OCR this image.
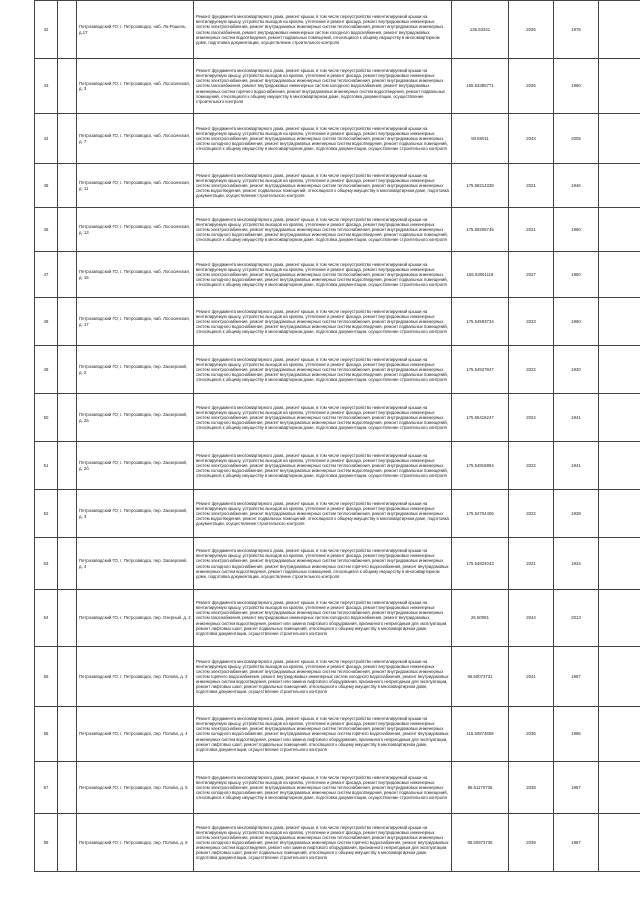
42		Петрозаводский ГО, г. Петрозаводск, наб. Ла-Рошель, д.17	Ремонт фундамента многоквартирного дома, ремонт крыши, в том числе переустройство невентилируемой крыши на вентилируемую крышу, устройство выходов на кровлю, утепление и ремонт фасада, ремонт внутридомовых инженерных систем электроснабжения, ремонт внутридомовых инженерных систем теплоснабжения, ремонт внутридомовых инженерных систем газоснабжения, ремонт внутридомовых инженерных систем холодного водоснабжения, ремонт внутридомовых инженерных систем водоотведения, ремонт подвальных помещений, относящихся к общему имуществу в многоквартирном доме, подготовка документации, осуществление строительного контроля	135.53341	2026	1975	
43		Петрозаводский ГО, г. Петрозаводск, наб. Лососинская, д. 3	Ремонт фундамента многоквартирного дома, ремонт крыши, в том числе переустройство невентилируемой крыши на вентилируемую крышу, устройство выходов на кровлю, утепление и ремонт фасада, ремонт внутридомовых инженерных систем электроснабжения, ремонт внутридомовых инженерных систем теплоснабжения, ремонт внутридомовых инженерных систем газоснабжения, ремонт внутридомовых инженерных систем холодного водоснабжения, ремонт внутридомовых инженерных систем горячего водоснабжения, ремонт внутридомовых инженерных систем водоотведения, ремонт подвальных помещений, относящихся к общему имуществу в многоквартирном доме, подготовка документации, осуществление строительного контроля	155.53395771	2026	1960	
44		Петрозаводский ГО, г. Петрозаводск, наб. Лососинская, д. 7	Ремонт фундамента многоквартирного дома, ремонт крыши, в том числе переустройство невентилируемой крыши на вентилируемую крышу, устройство выходов на кровлю, утепление и ремонт фасада, ремонт внутридомовых инженерных систем электроснабжения, ремонт внутридомовых инженерных систем теплоснабжения, ремонт внутридомовых инженерных систем холодного водоснабжения, ремонт внутридомовых инженерных систем водоотведения, ремонт подвальных помещений, относящихся к общему имуществу в многоквартирном доме, подготовка документации, осуществление строительного контроля	50.59011	2043	2005	
45		Петрозаводский ГО, г. Петрозаводск, наб. Лососинская, д. 11	Ремонт фундамента многоквартирного дома, ремонт крыши, в том числе переустройство невентилируемой крыши на вентилируемую крышу, устройство выходов на кровлю, утепление и ремонт фасада, ремонт внутридомовых инженерных систем электроснабжения, ремонт внутридомовых инженерных систем теплоснабжения, ремонт внутридомовых инженерных систем водоотведения, ремонт подвальных помещений, относящихся к общему имуществу в многоквартирном доме, подготовка документации, осуществление строительного контроля	175.58214338	2021	1946	
46		Петрозаводский ГО, г. Петрозаводск, наб. Лососинская, д. 13	Ремонт фундамента многоквартирного дома, ремонт крыши, в том числе переустройство невентилируемой крыши на вентилируемую крышу, устройство выходов на кровлю, утепление и ремонт фасада, ремонт внутридомовых инженерных систем электроснабжения, ремонт внутридомовых инженерных систем теплоснабжения, ремонт внутридомовых инженерных систем холодного водоснабжения, ремонт внутридомовых инженерных систем водоотведения, ремонт подвальных помещений, относящихся к общему имуществу в многоквартирном доме, подготовка документации, осуществление строительного контроля	175.59206745	2021	1960	
47		Петрозаводский ГО, г. Петрозаводск, наб. Лососинская, д. 15	Ремонт фундамента многоквартирного дома, ремонт крыши, в том числе переустройство невентилируемой крыши на вентилируемую крышу, устройство выходов на кровлю, утепление и ремонт фасада, ремонт внутридомовых инженерных систем электроснабжения, ремонт внутридомовых инженерных систем теплоснабжения, ремонт внутридомовых инженерных систем холодного водоснабжения, ремонт внутридомовых инженерных систем водоотведения, ремонт подвальных помещений, относящихся к общему имуществу в многоквартирном доме, подготовка документации, осуществление строительного контроля	155.53061119	2027	1960	
48		Петрозаводский ГО, г. Петрозаводск, наб. Лососинская, д. 17	Ремонт фундамента многоквартирного дома, ремонт крыши, в том числе переустройство невентилируемой крыши на вентилируемую крышу, устройство выходов на кровлю, утепление и ремонт фасада, ремонт внутридомовых инженерных систем электроснабжения, ремонт внутридомовых инженерных систем теплоснабжения, ремонт внутридомовых инженерных систем холодного водоснабжения, ремонт внутридомовых инженерных систем водоотведения, ремонт подвальных помещений, относящихся к общему имуществу в многоквартирном доме, подготовка документации, осуществление строительного контроля	175.54593734	2023	1960	
49		Петрозаводский ГО, г. Петрозаводск, пер. Заозерский, д. 2	Ремонт фундамента многоквартирного дома, ремонт крыши, в том числе переустройство невентилируемой крыши на вентилируемую крышу, устройство выходов на кровлю, утепление и ремонт фасада, ремонт внутридомовых инженерных систем электроснабжения, ремонт внутридомовых инженерных систем теплоснабжения, ремонт внутридомовых инженерных систем холодного водоснабжения, ремонт внутридомовых инженерных систем водоотведения, ремонт подвальных помещений, относящихся к общему имуществу в многоквартирном доме, подготовка документации, осуществление строительного контроля	175.54527847	2022	1930	
50		Петрозаводский ГО, г. Петрозаводск, пер. Заозерский, д. 2а	Ремонт фундамента многоквартирного дома, ремонт крыши, в том числе переустройство невентилируемой крыши на вентилируемую крышу, устройство выходов на кровлю, утепление и ремонт фасада, ремонт внутридомовых инженерных систем электроснабжения, ремонт внутридомовых инженерных систем теплоснабжения, ремонт внутридомовых инженерных систем холодного водоснабжения, ремонт внутридомовых инженерных систем водоотведения, ремонт подвальных помещений, относящихся к общему имуществу в многоквартирном доме, подготовка документации, осуществление строительного контроля	175.55416247	2024	1941	
51		Петрозаводский ГО, г. Петрозаводск, пер. Заозерский, д. 2б	Ремонт фундамента многоквартирного дома, ремонт крыши, в том числе переустройство невентилируемой крыши на вентилируемую крышу, устройство выходов на кровлю, утепление и ремонт фасада, ремонт внутридомовых инженерных систем электроснабжения, ремонт внутридомовых инженерных систем теплоснабжения, ремонт внутридомовых инженерных систем холодного водоснабжения, ремонт внутридомовых инженерных систем водоотведения, ремонт подвальных помещений, относящихся к общему имуществу в многоквартирном доме, подготовка документации, осуществление строительного контроля	175.54816894	2022	1941	
52		Петрозаводский ГО, г. Петрозаводск, пер. Заозерский, д. 3	Ремонт фундамента многоквартирного дома, ремонт крыши, в том числе переустройство невентилируемой крыши на вентилируемую крышу, устройство выходов на кровлю, утепление и ремонт фасада, ремонт внутридомовых инженерных систем электроснабжения, ремонт внутридомовых инженерных систем теплоснабжения, ремонт внутридомовых инженерных систем водоотведения, ремонт подвальных помещений, относящихся к общему имуществу в многоквартирном доме, подготовка документации, осуществление строительного контроля	175.54704406	2022	1939	
53		Петрозаводский ГО, г. Петрозаводск, пер. Заозерский, д. 4	Ремонт фундамента многоквартирного дома, ремонт крыши, в том числе переустройство невентилируемой крыши на вентилируемую крышу, устройство выходов на кровлю, утепление и ремонт фасада, ремонт внутридомовых инженерных систем электроснабжения, ремонт внутридомовых инженерных систем теплоснабжения, ремонт внутридомовых инженерных систем холодного водоснабжения, ремонт внутридомовых инженерных систем горячего водоснабжения, ремонт внутридомовых инженерных систем водоотведения, ремонт подвальных помещений, относящихся к общему имуществу в многоквартирном доме, подготовка документации, осуществление строительного контроля	175.54824043	2021	1934	
54		Петрозаводский ГО, г. Петрозаводск, пер. Озерный, д. 2	Ремонт фундамента многоквартирного дома, ремонт крыши, в том числе переустройство невентилируемой крыши на вентилируемую крышу, устройство выходов на кровлю, утепление и ремонт фасада, ремонт внутридомовых инженерных систем электроснабжения, ремонт внутридомовых инженерных систем теплоснабжения, ремонт внутридомовых инженерных систем газоснабжения, ремонт внутридомовых инженерных систем холодного водоснабжения, ремонт внутридомовых инженерных систем водоотведения, ремонт или замена лифтового оборудования, признанного непригодным для эксплуатации, ремонт лифтовых шахт, ремонт подвальных помещений, относящихся к общему имуществу в многоквартирном доме, подготовка документации, осуществление строительного контроля	26.50081	2044	2013	
55		Петрозаводский ГО, г. Петрозаводск, пер. Попова, д. 2	Ремонт фундамента многоквартирного дома, ремонт крыши, в том числе переустройство невентилируемой крыши на вентилируемую крышу, устройство выходов на кровлю, утепление и ремонт фасада, ремонт внутридомовых инженерных систем электроснабжения, ремонт внутридомовых инженерных систем теплоснабжения, ремонт внутридомовых инженерных систем горячего водоснабжения, ремонт внутридомовых инженерных систем холодного водоснабжения, ремонт внутридомовых инженерных систем водоотведения, ремонт или замена лифтового оборудования, признанного непригодным для эксплуатации, ремонт лифтовых шахт, ремонт подвальных помещений, относящихся к общему имуществу в многоквартирном доме, подготовка документации, осуществление строительного контроля	95.50073731	2041	1987	
56		Петрозаводский ГО, г. Петрозаводск, пер. Попова, д. 4	Ремонт фундамента многоквартирного дома, ремонт крыши, в том числе переустройство невентилируемой крыши на вентилируемую крышу, устройство выходов на кровлю, утепление и ремонт фасада, ремонт внутридомовых инженерных систем электроснабжения, ремонт внутридомовых инженерных систем теплоснабжения, ремонт внутридомовых инженерных систем холодного водоснабжения, ремонт внутридомовых инженерных систем горячего водоснабжения, ремонт внутридомовых инженерных систем водоотведения, ремонт или замена лифтового оборудования, признанного непригодным для эксплуатации, ремонт лифтовых шахт, ремонт подвальных помещений, относящихся к общему имуществу в многоквартирном доме, подготовка документации, осуществление строительного контроля	115.50874559	2036	1986	
57		Петрозаводский ГО, г. Петрозаводск, пер. Попова, д. 5	Ремонт фундамента многоквартирного дома, ремонт крыши, в том числе переустройство невентилируемой крыши на вентилируемую крышу, устройство выходов на кровлю, утепление и ремонт фасада, ремонт внутридомовых инженерных систем электроснабжения, ремонт внутридомовых инженерных систем теплоснабжения, ремонт внутридомовых инженерных систем холодного водоснабжения, ремонт внутридомовых инженерных систем водоотведения, ремонт подвальных помещений, относящихся к общему имуществу в многоквартирном доме, подготовка документации, осуществление строительного контроля	95.51170735	2038	1987	
58		Петрозаводский ГО, г. Петрозаводск, пер. Попова, д. 6	Ремонт фундамента многоквартирного дома, ремонт крыши, в том числе переустройство невентилируемой крыши на вентилируемую крышу, устройство выходов на кровлю, утепление и ремонт фасада, ремонт внутридомовых инженерных систем электроснабжения, ремонт внутридомовых инженерных систем теплоснабжения, ремонт внутридомовых инженерных систем холодного водоснабжения, ремонт внутридомовых инженерных систем горячего водоснабжения, ремонт внутридомовых инженерных систем водоотведения, ремонт или замена лифтового оборудования, признанного непригодным для эксплуатации, ремонт лифтовых шахт, ремонт подвальных помещений, относящихся к общему имуществу в многоквартирном доме, подготовка документации, осуществление строительного контроля	95.50973735	2039	1987	
